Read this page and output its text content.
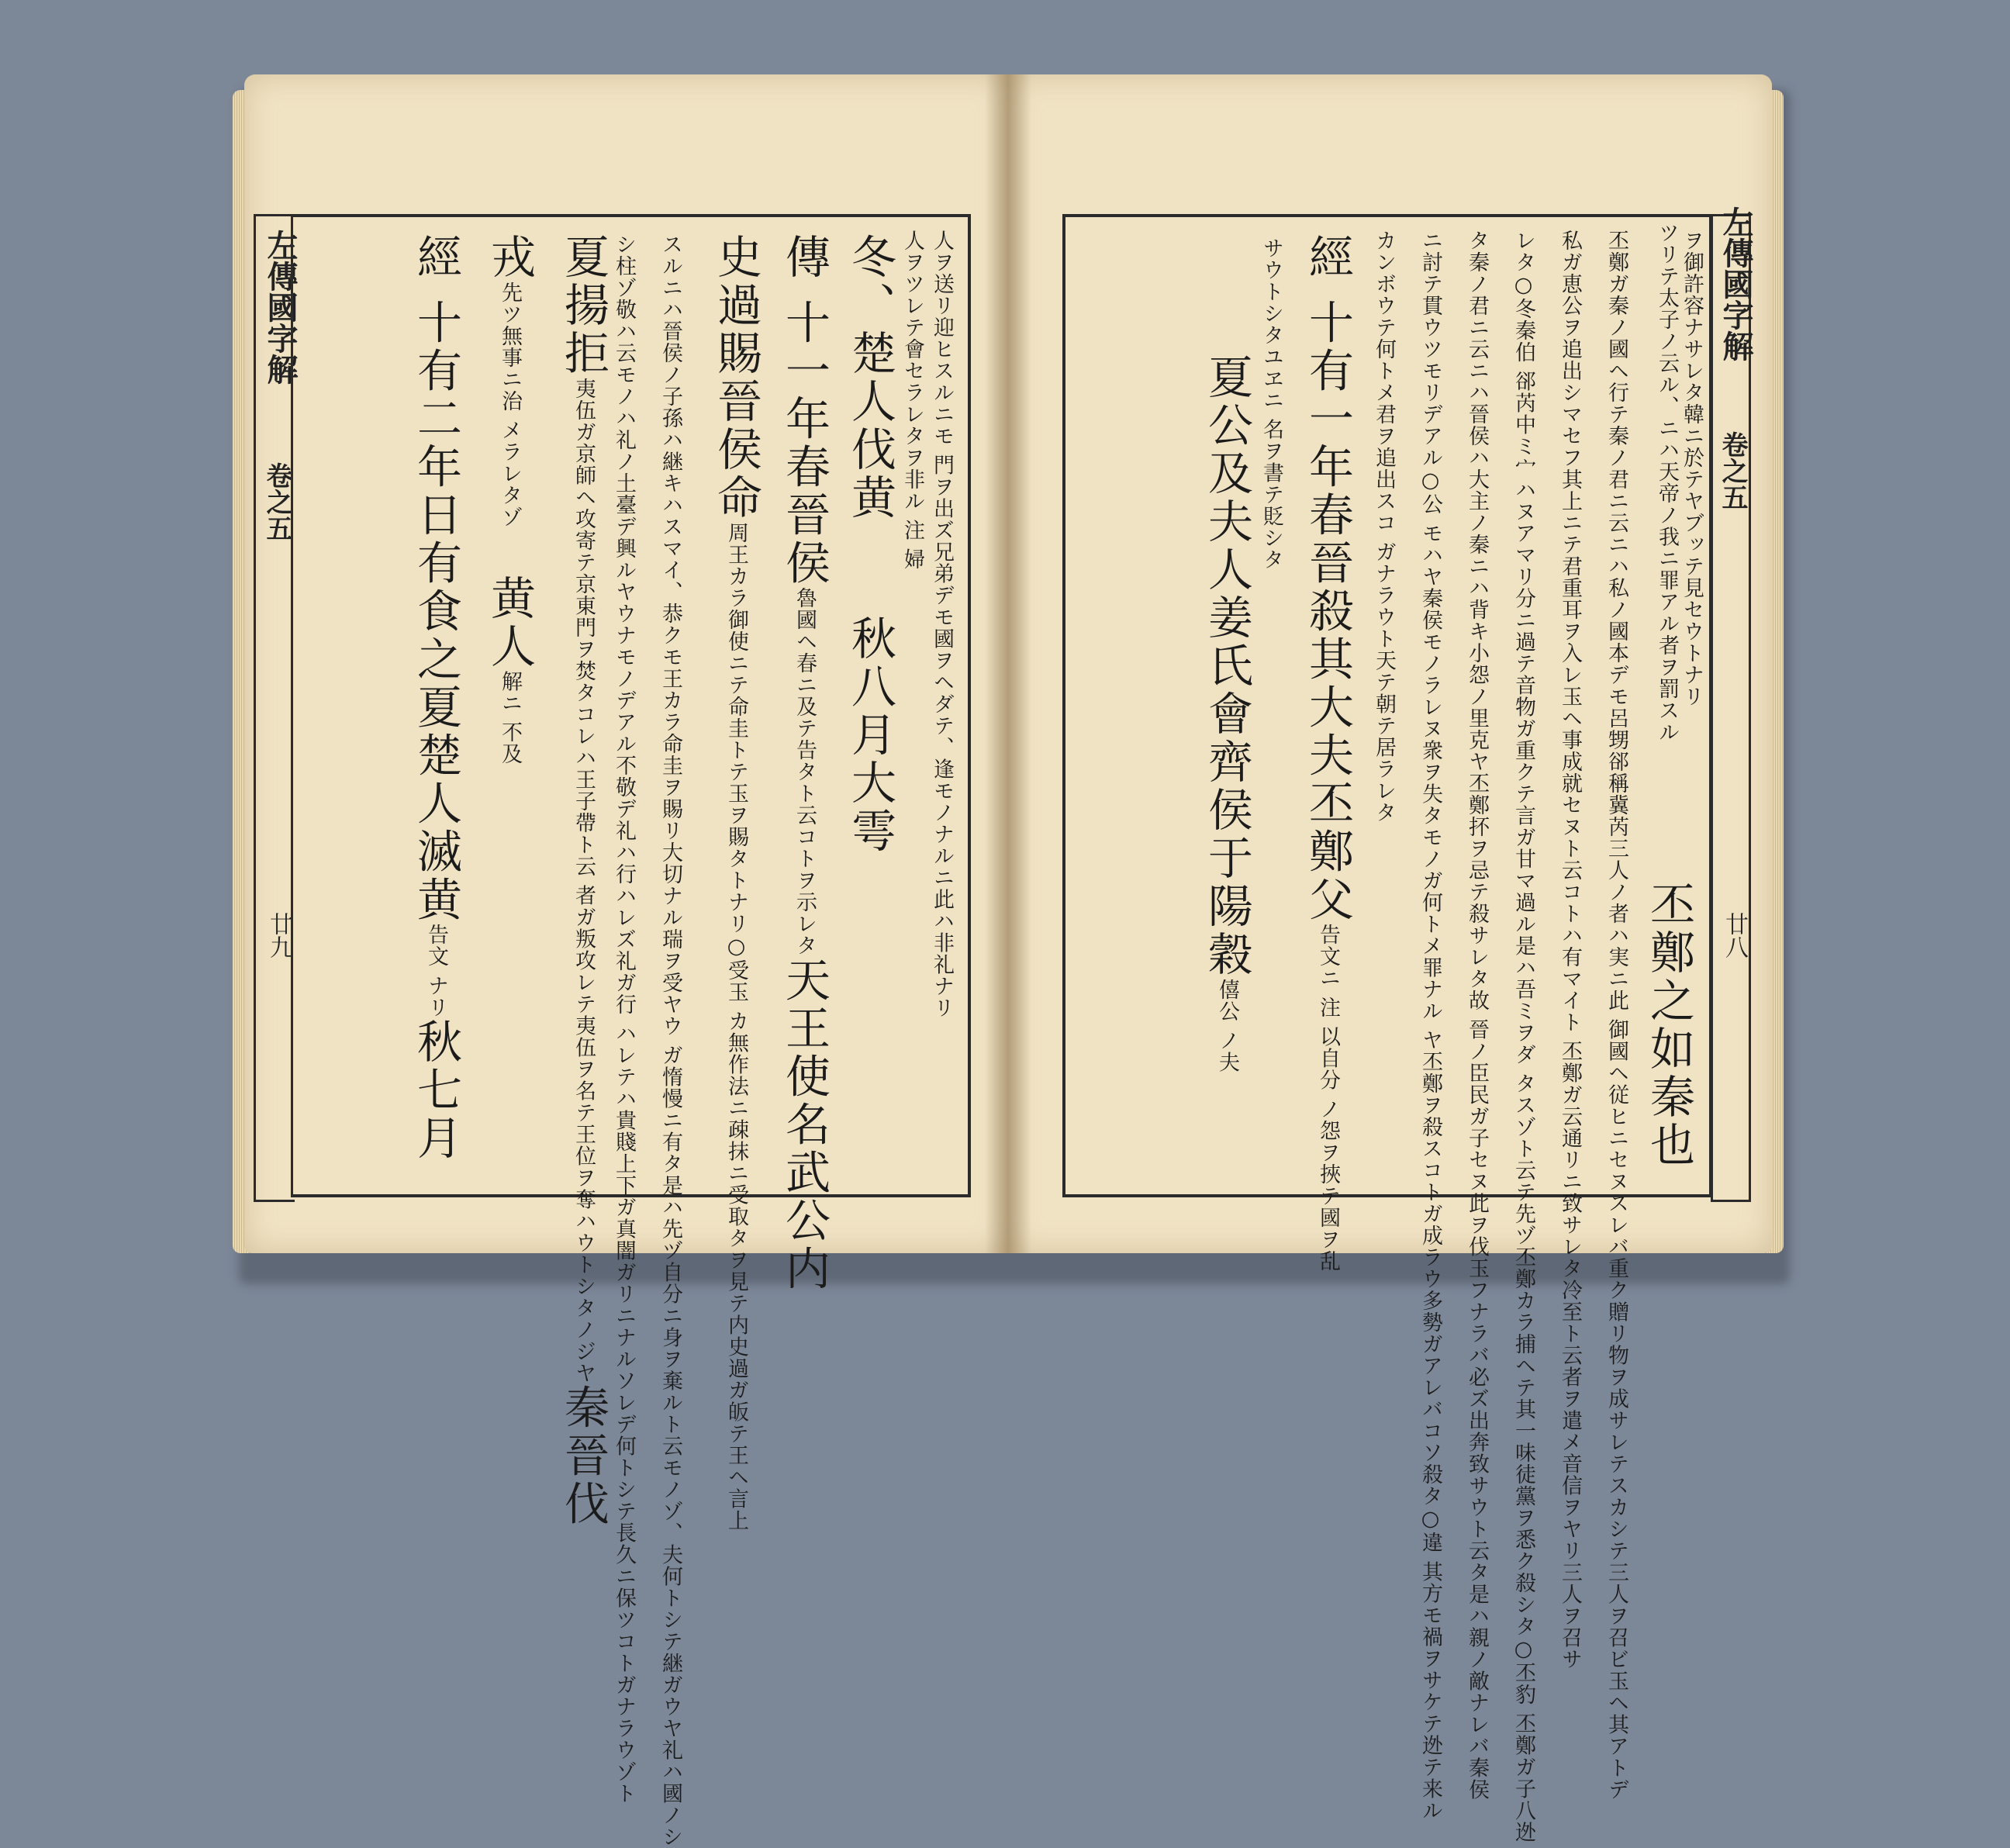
左傳國字解
卷之五
廿九	人ヲ送リ迎ヒスルニモ 門ヲ出ズ兄弟デモ國ヲヘダテ、逢モノナルニ此ハ非礼ナリ
人ヲツレテ會セラレタヲ非ル 注 婦
冬、楚人伐黄秋八月大雩
傳 十一年春晉侯魯國ヘ春ニ及テ告タト云コトヲ示レタ天王使名武公内
史過賜晉侯命周王カラ御使ニテ命圭トテ玉ヲ賜タトナリ○受玉 カ無作法ニ疎抹ニ受取タヲ見テ内史過ガ皈テ王ヘ言上
スルニハ晉侯ノ子孫ハ継キハスマイ、恭クモ王カラ命圭ヲ賜リ大切ナル瑞ヲ受ヤウ ガ惰慢ニ有タ是ハ先ヅ自分ニ身ヲ棄ルト云モノゾ、夫何トシテ継ガウヤ礼ハ國ノシ
シ柱ゾ敬ハ云モノハ礼ノ土臺デ興ルヤウナモノデアル不敬デ礼ハ行ハレズ礼ガ行 ハレテハ貴賤上下ガ真闇ガリニナルソレデ何トシテ長久ニ保ツコトガナラウゾト
夏揚拒夷伍ガ京師ヘ攻寄テ京東門ヲ焚タコレハ王子帶ト云 者ガ叛攻レテ夷伍ヲ名テ王位ヲ奪ハウトシタノジヤ秦晉伐
戎先ツ無事ニ治 メラレタゾ黄人解ニ 不及
經 十有二年日有食之夏楚人滅黄告文 ナリ秋七月
左傳國字解
卷之五
廿八
丕鄭之如秦也
ヲ御許容ナサレタ韓ニ於テヤブッテ見セウトナリ
ツリテ太子ノ云ル、ニハ天帝ノ我ニ罪アル者ヲ罰スル
丕鄭ガ秦ノ國ヘ行テ秦ノ君ニ云ニハ私ノ國本デモ呂甥郤稱冀芮三人ノ者ハ実ニ此 御國ヘ従ヒニセヌスレバ重ク贈リ物ヲ成サレテスカシテ三人ヲ召ビ玉ヘ其アトデ
私ガ恵公ヲ追出シマセフ其上ニテ君重耳ヲ入レ玉ヘ事成就セヌト云コトハ有マイト 丕鄭ガ云通リニ致サレタ冷至ト云者ヲ遣メ音信ヲヤリ三人ヲ召サ
レタ○冬秦伯 郤芮中ミ宀ハヌアマリ分ニ過テ音物ガ重クテ言ガ甘マ過ル是ハ吾ミヲダ タスゾト云テ先ヅ丕鄭カラ捕ヘテ其一味徒黨ヲ悉ク殺シタ○丕豹 丕鄭ガ子八迯
タ秦ノ君ニ云ニハ晉侯ハ大主ノ秦ニハ背キ小怨ノ里克ヤ丕鄭抔ヲ忌テ殺サレタ故 晉ノ臣民ガ子セヌ此ヲ伐玉フナラバ必ズ出奔致サウト云タ是ハ親ノ敵ナレバ秦侯
ニ討テ貫ウツモリデアル○公 モハヤ秦侯モノラレヌ衆ヲ失タモノガ何トメ罪ナル ヤ丕鄭ヲ殺スコトガ成ラウ多勢ガアレバコソ殺タ○違 其方モ禍ヲサケテ迯テ来ル
カンボウテ何トメ君ヲ追出スコ ガナラウト天テ朝テ居ラレタ
經 十有一年春晉殺其大夫丕鄭父告文ニ 注 以自分 ノ怨ヲ挾テ國ヲ乱
サウトシタユヱニ 名ヲ書テ貶シタ
夏公及夫人姜氏會齊侯于陽穀僖公 ノ夫
